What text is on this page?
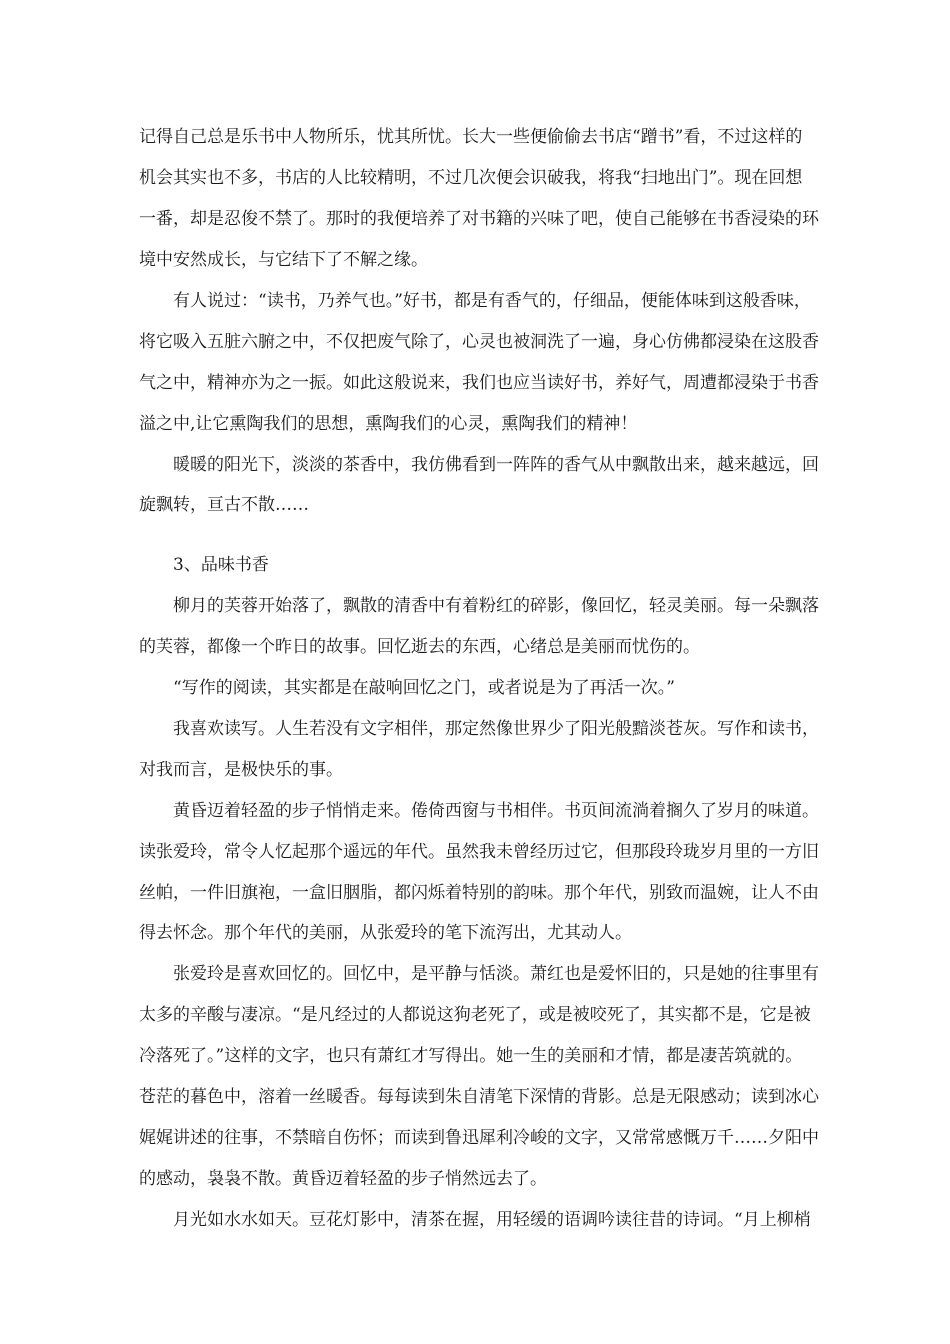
记得自己总是乐书中人物所乐，忧其所忧。长大一些便偷偷去书店“蹭书”看，不过这样的

机会其实也不多，书店的人比较精明，不过几次便会识破我，将我“扫地出门”。现在回想

一番，却是忍俊不禁了。那时的我便培养了对书籍的兴味了吧，使自己能够在书香浸染的环

境中安然成长，与它结下了不解之缘。

有人说过：“读书，乃养气也。”好书，都是有香气的，仔细品，便能体味到这般香味，

将它吸入五脏六腑之中，不仅把废气除了，心灵也被洞洗了一遍，身心仿佛都浸染在这股香

气之中，精神亦为之一振。如此这般说来，我们也应当读好书，养好气，周遭都浸染于书香

溢之中,让它熏陶我们的思想，熏陶我们的心灵，熏陶我们的精神！

暖暖的阳光下，淡淡的茶香中，我仿佛看到一阵阵的香气从中飘散出来，越来越远，回

旋飘转，亘古不散……

3、品味书香

柳月的芙蓉开始落了，飘散的清香中有着粉红的碎影，像回忆，轻灵美丽。每一朵飘落

的芙蓉，都像一个昨日的故事。回忆逝去的东西，心绪总是美丽而忧伤的。

“写作的阅读，其实都是在敲响回忆之门，或者说是为了再活一次。”

我喜欢读写。人生若没有文字相伴，那定然像世界少了阳光般黯淡苍灰。写作和读书，

对我而言，是极快乐的事。

黄昏迈着轻盈的步子悄悄走来。倦倚西窗与书相伴。书页间流淌着搁久了岁月的味道。

读张爱玲，常令人忆起那个遥远的年代。虽然我未曾经历过它，但那段玲珑岁月里的一方旧

丝帕，一件旧旗袍，一盒旧胭脂，都闪烁着特别的韵味。那个年代，别致而温婉，让人不由

得去怀念。那个年代的美丽，从张爱玲的笔下流泻出，尤其动人。

张爱玲是喜欢回忆的。回忆中，是平静与恬淡。萧红也是爱怀旧的，只是她的往事里有

太多的辛酸与凄凉。“是凡经过的人都说这狗老死了，或是被咬死了，其实都不是，它是被

冷落死了。”这样的文字，也只有萧红才写得出。她一生的美丽和才情，都是凄苦筑就的。

苍茫的暮色中，溶着一丝暖香。每每读到朱自清笔下深情的背影。总是无限感动；读到冰心

娓娓讲述的往事，不禁暗自伤怀；而读到鲁迅犀利冷峻的文字，又常常感慨万千……夕阳中

的感动，袅袅不散。黄昏迈着轻盈的步子悄然远去了。

月光如水水如天。豆花灯影中，清茶在握，用轻缓的语调吟读往昔的诗词。“月上柳梢
